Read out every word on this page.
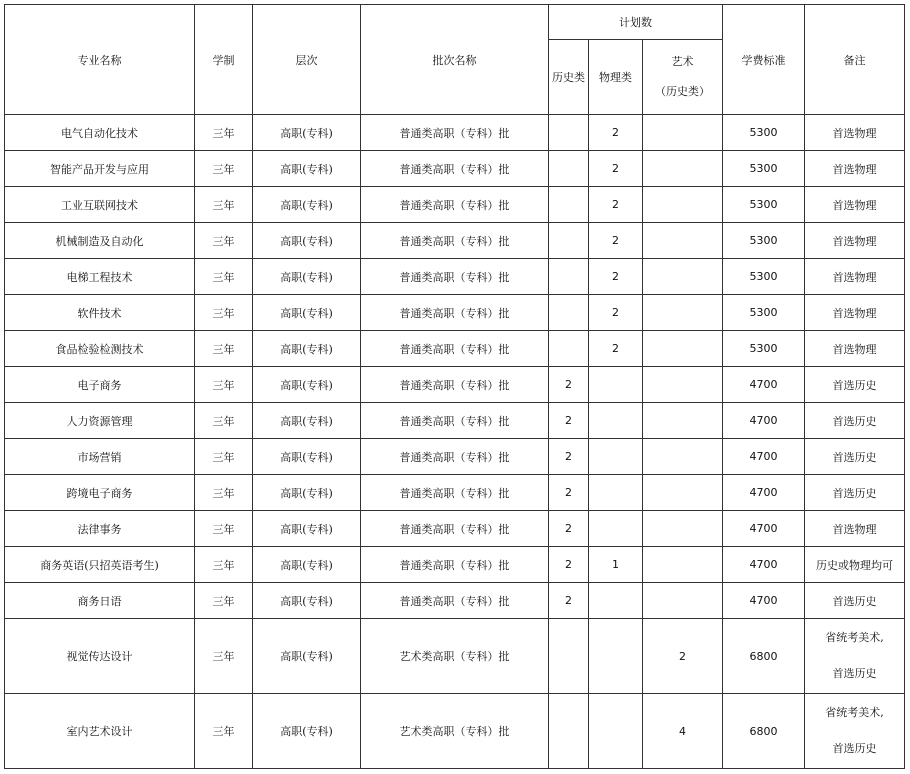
专业名称	学制	层次	批次名称	计划数			学费标准	备注
				历史类	物理类	艺术
（历史类）		

电气自动化技术	三年	高职(专科)	普通类高职（专科）批		2		5300	首选物理
智能产品开发与应用	三年	高职(专科)	普通类高职（专科）批		2		5300	首选物理
工业互联网技术	三年	高职(专科)	普通类高职（专科）批		2		5300	首选物理
机械制造及自动化	三年	高职(专科)	普通类高职（专科）批		2		5300	首选物理
电梯工程技术	三年	高职(专科)	普通类高职（专科）批		2		5300	首选物理
软件技术	三年	高职(专科)	普通类高职（专科）批		2		5300	首选物理
食品检验检测技术	三年	高职(专科)	普通类高职（专科）批		2		5300	首选物理
电子商务	三年	高职(专科)	普通类高职（专科）批	2			4700	首选历史
人力资源管理	三年	高职(专科)	普通类高职（专科）批	2			4700	首选历史
市场营销	三年	高职(专科)	普通类高职（专科）批	2			4700	首选历史
跨境电子商务	三年	高职(专科)	普通类高职（专科）批	2			4700	首选历史
法律事务	三年	高职(专科)	普通类高职（专科）批	2			4700	首选物理
商务英语(只招英语考生)	三年	高职(专科)	普通类高职（专科）批	2	1		4700	历史或物理均可
商务日语	三年	高职(专科)	普通类高职（专科）批	2			4700	首选历史
视觉传达设计	三年	高职(专科)	艺术类高职（专科）批			2	6800	省统考美术,
首选历史

室内艺术设计	三年	高职(专科)	艺术类高职（专科）批			4	6800	省统考美术,
首选历史
